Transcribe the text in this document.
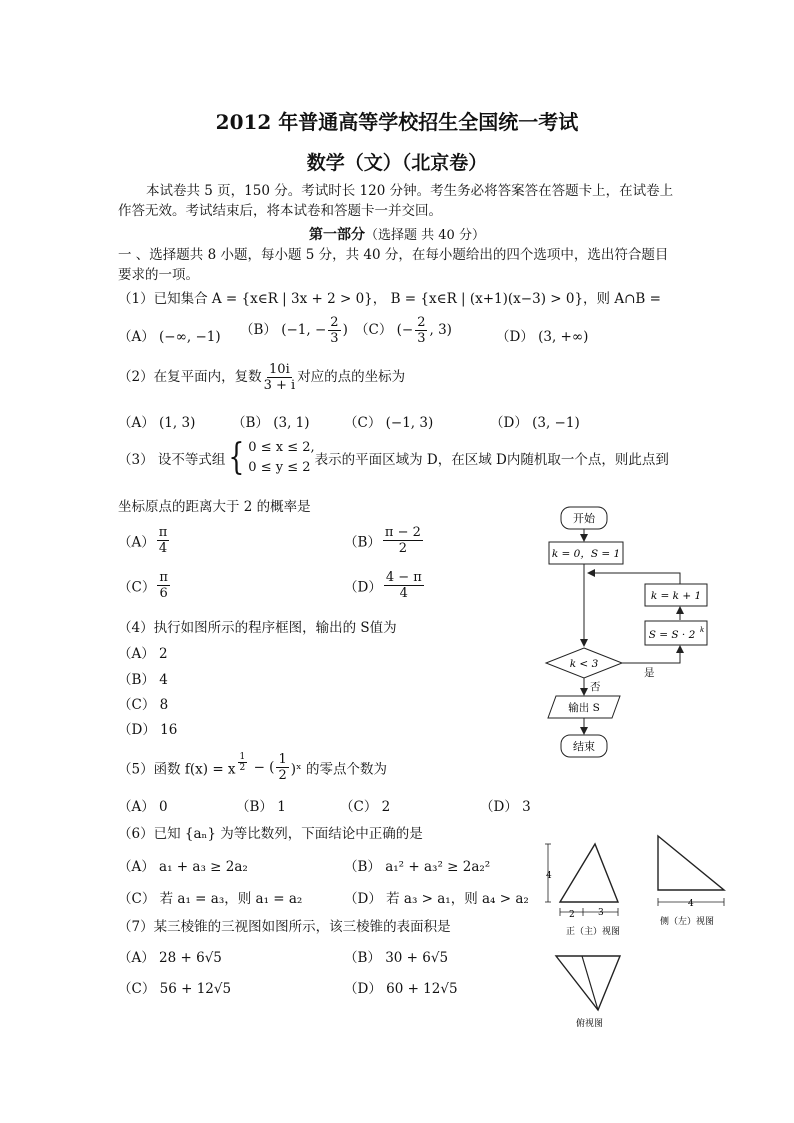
2012 年普通高等学校招生全国统一考试
数学（文）（北京卷）
本试卷共 5 页，150 分。考试时长 120 分钟。考生务必将答案答在答题卡上，在试卷上作答无效。考试结束后，将本试卷和答题卡一并交回。
第一部分（选择题 共 40 分）
一 、选择题共 8 小题，每小题 5 分，共 40 分，在每小题给出的四个选项中，选出符合题目要求的一项。
（1）已知集合 A = {x∈R | 3x + 2 > 0}， B = {x∈R | (x+1)(x−3) > 0}，则 A∩B =
（A） (−∞, −1) （B） (−1, − $\frac{2}{3}$ ) （C） (− $\frac{2}{3}$ , 3)	（D） (3, +∞)
（2）在复平面内，复数 $\frac{10i}{3 + i}$ 对应的点的坐标为
（A） (1, 3)	（B） (3, 1)	（C） (−1, 3)	（D） (3, −1)
（3） 设不等式组{ 0 ≤ x ≤ 2,
0 ≤ y ≤ 2 表示的平面区域为 D，在区域 D内随机取一个点，则此点到
坐标原点的距离大于 2 的概率是
$(A) \frac{\pi}{4}$	$(B) \frac{\pi - 2}{2}$
$(C) \frac{\pi}{6}$	$(D) \frac{4 - \pi}{4}$
（4）执行如图所示的程序框图，输出的 S值为
（A） 2
（B） 4
（C） 8
（D） 16
开始
k = 0，S = 1
k = k + 1
S = S · 2 k
k < 3
是
否
输出 S
结束
（5）函数 f(x) = x $\frac{1}{2}$ − ( $\frac{1}{2}$ )ˣ 的零点个数为
（A） 0	（B） 1	（C） 2	（D） 3
（6）已知 {aₙ} 为等比数列，下面结论中正确的是
（A） a₁ + a₃ ≥ 2a₂	（B） a₁² + a₃² ≥ 2a₂²
（C） 若 a₁ = a₃，则 a₁ = a₂	（D） 若 a₃ > a₁，则 a₄ > a₂
（7）某三棱锥的三视图如图所示，该三棱锥的表面积是
（A） 28 + 6√5	（B） 30 + 6√5
（C） 56 + 12√5	（D） 60 + 12√5
4
2	3
正（主）视图
4
侧（左）视图
俯视图
